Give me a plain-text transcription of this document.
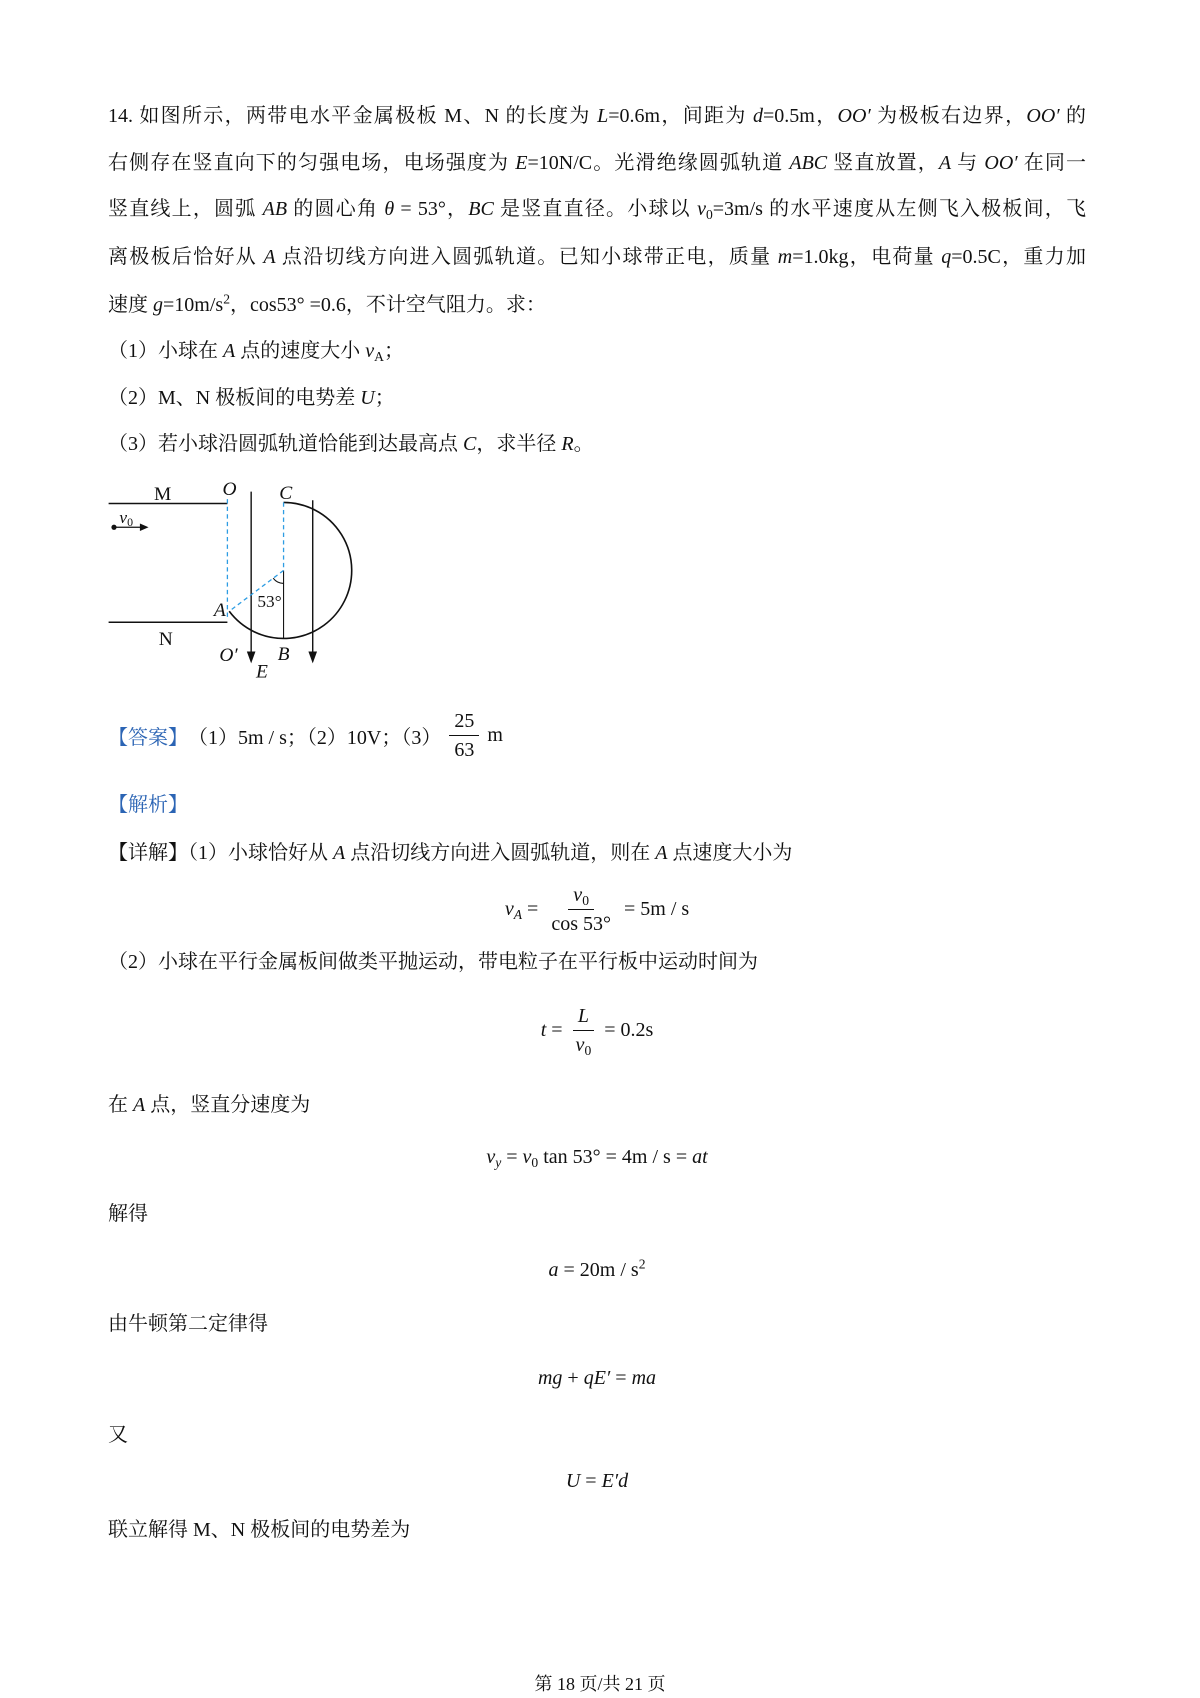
14. 如图所示，两带电水平金属极板 M、N 的长度为 L=0.6m，间距为 d=0.5m，OO′ 为极板右边界，OO′ 的
右侧存在竖直向下的匀强电场，电场强度为 E=10N/C。光滑绝缘圆弧轨道 ABC 竖直放置，A 与 OO′ 在同一
竖直线上，圆弧 AB 的圆心角 θ = 53°，BC 是竖直直径。小球以 $v_0=3m/s$ 的水平速度从左侧飞入极板间，飞
离极板后恰好从 A 点沿切线方向进入圆弧轨道。已知小球带正电，质量 m=1.0kg，电荷量 q=0.5C，重力加
速度 $g=10m/s^2$，cos53° =0.6，不计空气阻力。求：
（1）小球在 A 点的速度大小 $v_A$；
（2）M、N 极板间的电势差 U；
（3）若小球沿圆弧轨道恰能到达最高点 C，求半径 R。
M
N
O
O′
C
A
B
E
53°
v0
【答案】 （1）5m / s；（2）10V；$(3) \frac{25}{63}$ m
【解析】
【详解】（1）小球恰好从 A 点沿切线方向进入圆弧轨道，则在 A 点速度大小为
$v_A = \frac{v_0}{\cos 53^\circ} = 5m / s$
（2）小球在平行金属板间做类平抛运动，带电粒子在平行板中运动时间为
$t = \frac{L}{v_0} = 0.2s$
在 A 点，竖直分速度为
$v_y = v_0$ tan 53° = 4m / s = at
解得
$a = 20m / s^2$
由牛顿第二定律得
mg + qE′ = ma
又
U = E′d
联立解得 M、N 极板间的电势差为
第 18 页/共 21 页
